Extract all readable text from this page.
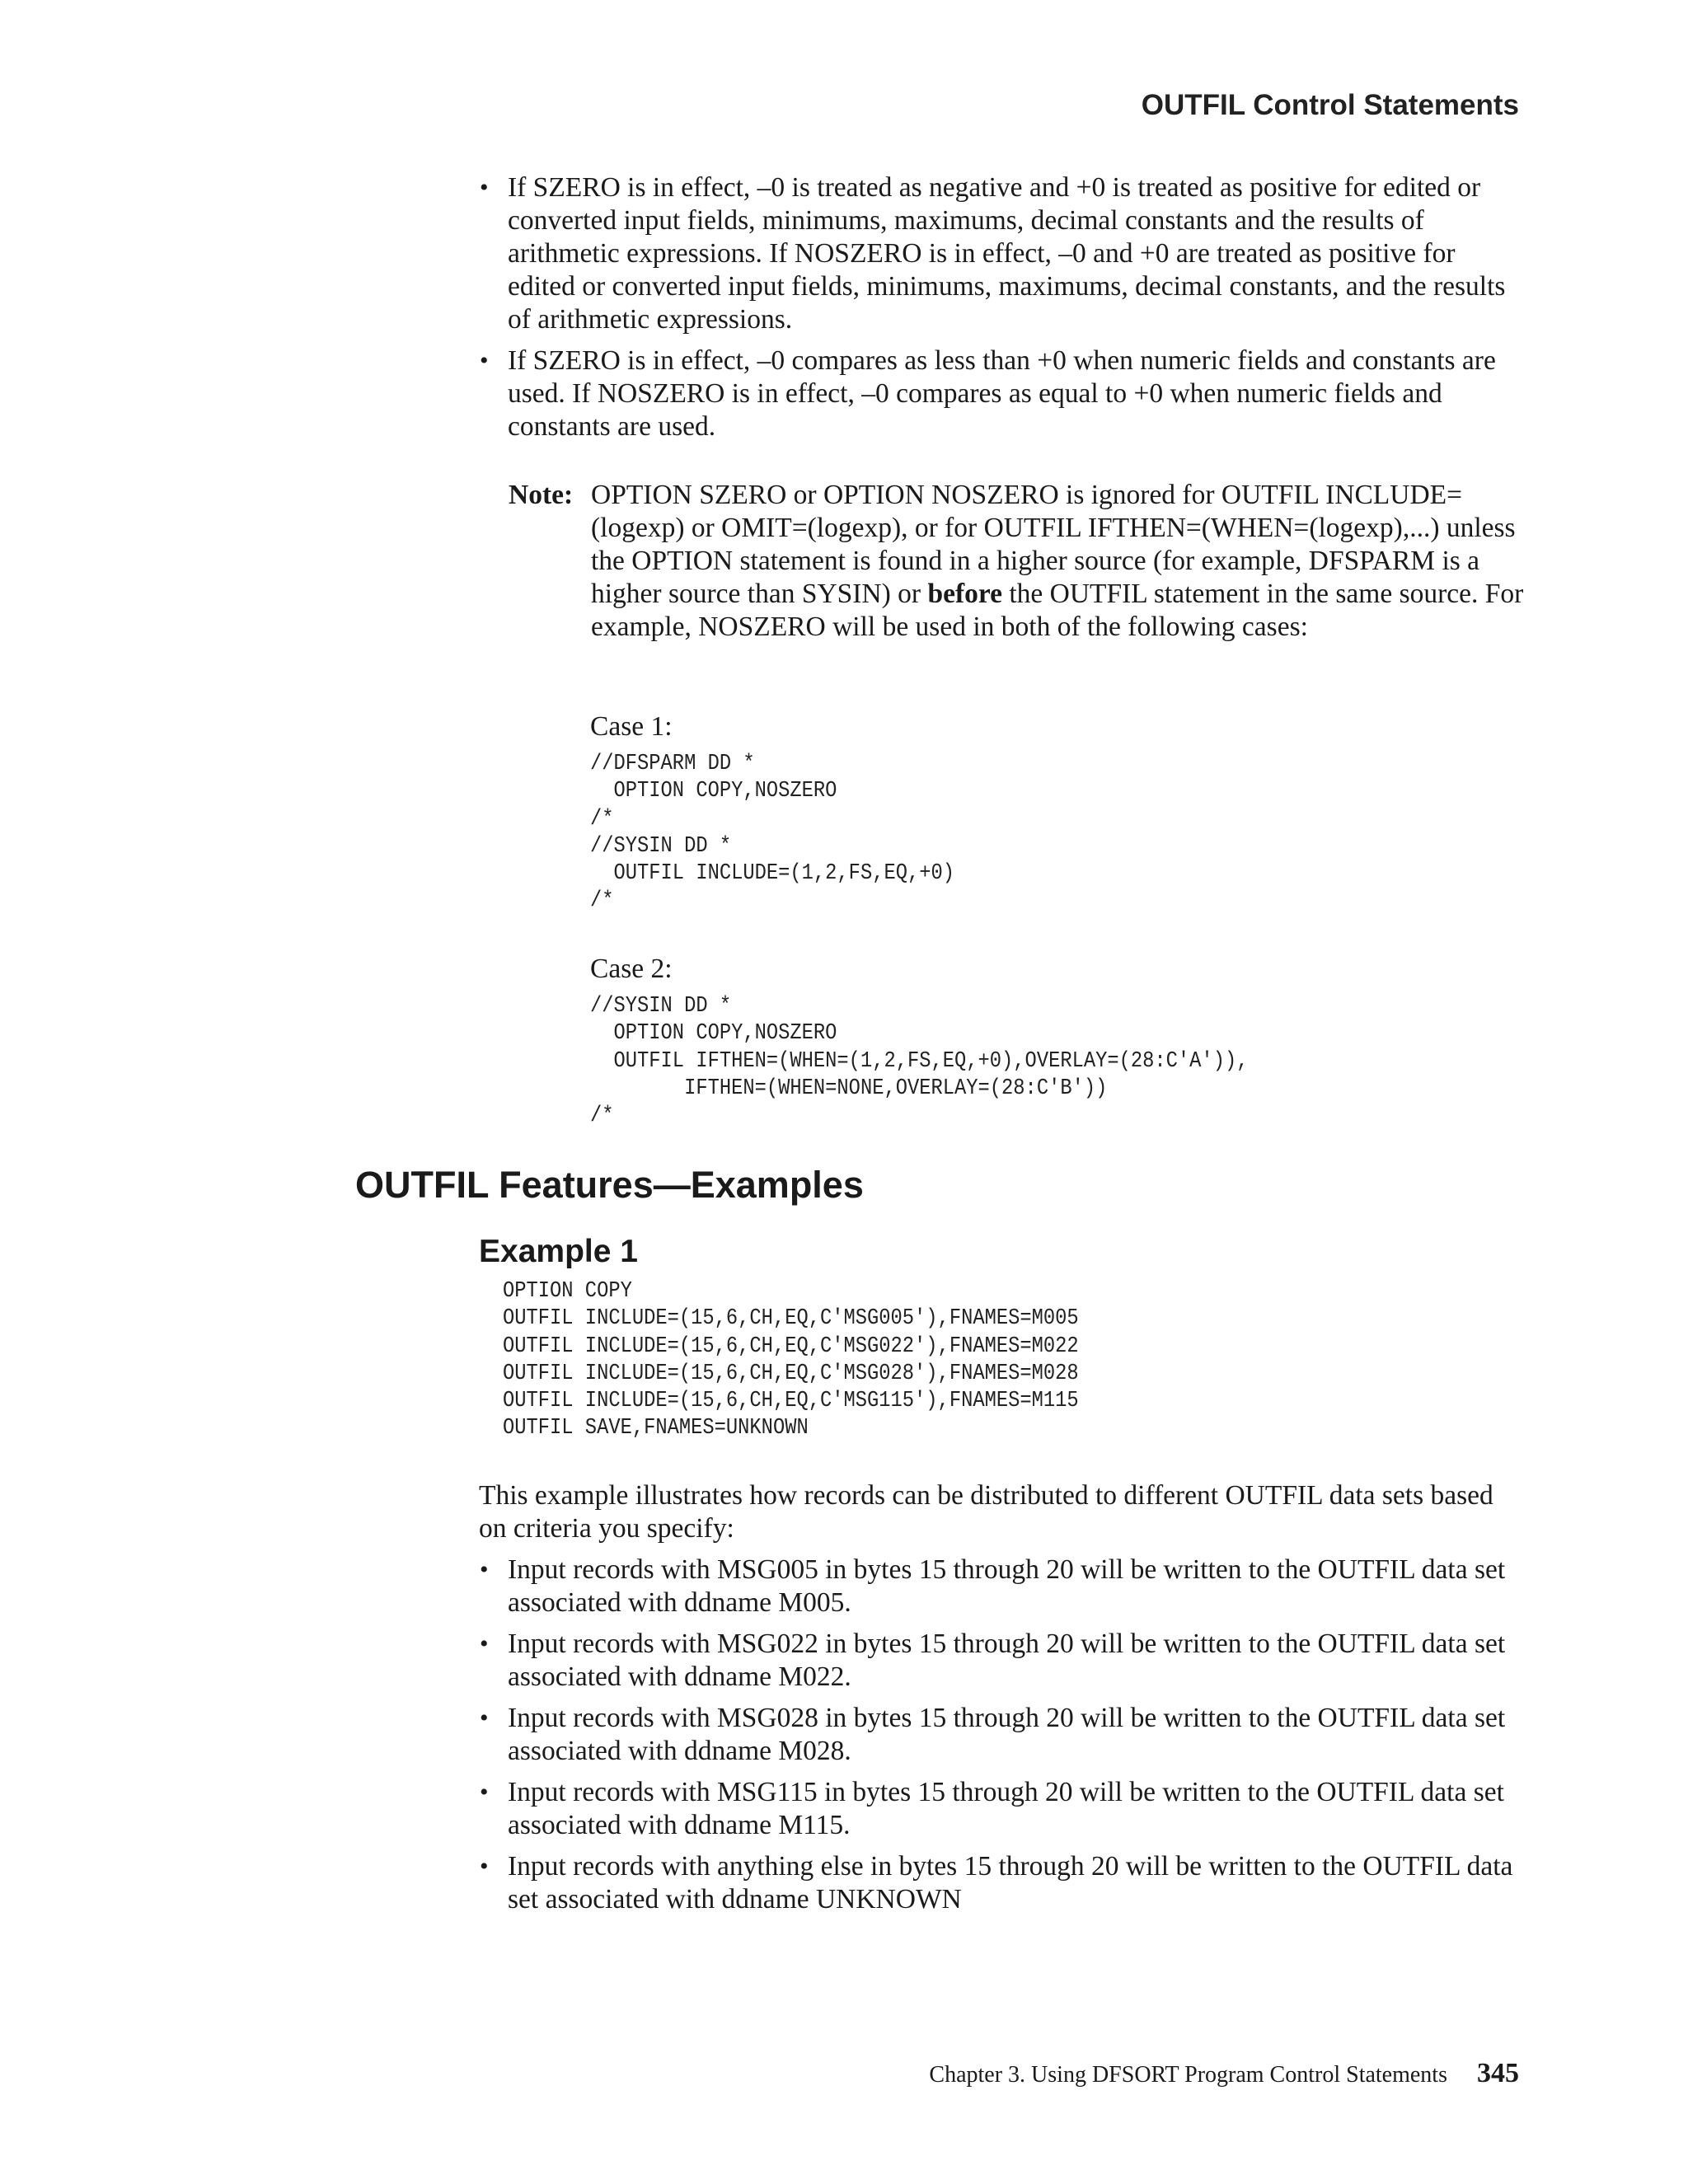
OUTFIL Control Statements
• If SZERO is in effect, –0 is treated as negative and +0 is treated as positive for edited or converted input fields, minimums, maximums, decimal constants and the results of arithmetic expressions. If NOSZERO is in effect, –0 and +0 are treated as positive for edited or converted input fields, minimums, maximums, decimal constants, and the results of arithmetic expressions.
• If SZERO is in effect, –0 compares as less than +0 when numeric fields and constants are used. If NOSZERO is in effect, –0 compares as equal to +0 when numeric fields and constants are used.
Note: OPTION SZERO or OPTION NOSZERO is ignored for OUTFIL INCLUDE=(logexp) or OMIT=(logexp), or for OUTFIL IFTHEN=(WHEN=(logexp),...) unless the OPTION statement is found in a higher source (for example, DFSPARM is a higher source than SYSIN) or before the OUTFIL statement in the same source. For example, NOSZERO will be used in both of the following cases:
Case 1:
//DFSPARM DD *
OPTION COPY,NOSZERO
/*
//SYSIN DD *
OUTFIL INCLUDE=(1,2,FS,EQ,+0)
/*
Case 2:
//SYSIN DD *
OPTION COPY,NOSZERO
OUTFIL IFTHEN=(WHEN=(1,2,FS,EQ,+0),OVERLAY=(28:C'A')),
IFTHEN=(WHEN=NONE,OVERLAY=(28:C'B'))
/*
OUTFIL Features—Examples
Example 1
OPTION COPY
OUTFIL INCLUDE=(15,6,CH,EQ,C'MSG005'),FNAMES=M005
OUTFIL INCLUDE=(15,6,CH,EQ,C'MSG022'),FNAMES=M022
OUTFIL INCLUDE=(15,6,CH,EQ,C'MSG028'),FNAMES=M028
OUTFIL INCLUDE=(15,6,CH,EQ,C'MSG115'),FNAMES=M115
OUTFIL SAVE,FNAMES=UNKNOWN

This example illustrates how records can be distributed to different OUTFIL data sets based on criteria you specify:

• Input records with MSG005 in bytes 15 through 20 will be written to the OUTFIL data set associated with ddname M005.
• Input records with MSG022 in bytes 15 through 20 will be written to the OUTFIL data set associated with ddname M022.
• Input records with MSG028 in bytes 15 through 20 will be written to the OUTFIL data set associated with ddname M028.
• Input records with MSG115 in bytes 15 through 20 will be written to the OUTFIL data set associated with ddname M115.
• Input records with anything else in bytes 15 through 20 will be written to the OUTFIL data set associated with ddname UNKNOWN
Chapter 3. Using DFSORT Program Control Statements 345
